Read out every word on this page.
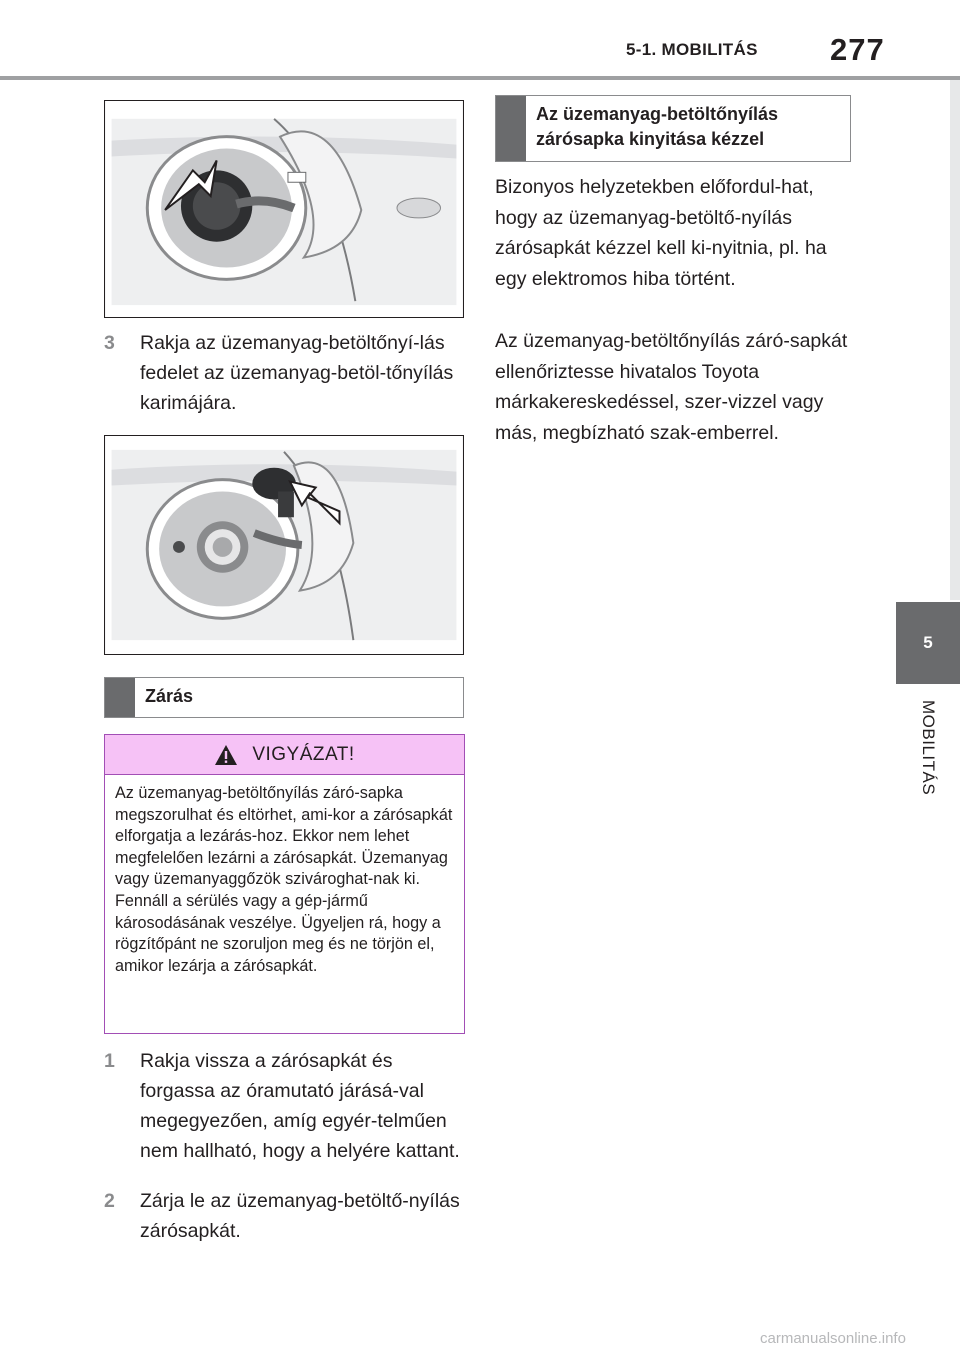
5-1. MOBILITÁS 277
5
MOBILITÁS
3 Rakja az üzemanyag-betöltőnyí-lás fedelet az üzemanyag-betöl-tőnyílás karimájára.
Zárás
VIGYÁZAT!
Az üzemanyag-betöltőnyílás záró-sapka megszorulhat és eltörhet, ami-kor a zárósapkát elforgatja a lezárás-hoz. Ekkor nem lehet megfelelően lezárni a zárósapkát. Üzemanyag vagy üzemanyaggőzök szivároghat-nak ki. Fennáll a sérülés vagy a gép-jármű károsodásának veszélye. Ügyeljen rá, hogy a rögzítőpánt ne szoruljon meg és ne törjön el, amikor lezárja a zárósapkát.
1 Rakja vissza a zárósapkát és forgassa az óramutató járásá-val megegyezően, amíg egyér-telműen nem hallható, hogy a helyére kattant.
2 Zárja le az üzemanyag-betöltő-nyílás zárósapkát.
Az üzemanyag-betöltőnyílás zárósapka kinyitása kézzel
Bizonyos helyzetekben előfordul-hat, hogy az üzemanyag-betöltő-nyílás zárósapkát kézzel kell ki-nyitnia, pl. ha egy elektromos hiba történt.
Az üzemanyag-betöltőnyílás záró-sapkát ellenőriztesse hivatalos Toyota márkakereskedéssel, szer-vizzel vagy más, megbízható szak-emberrel.
carmanualsonline.info
